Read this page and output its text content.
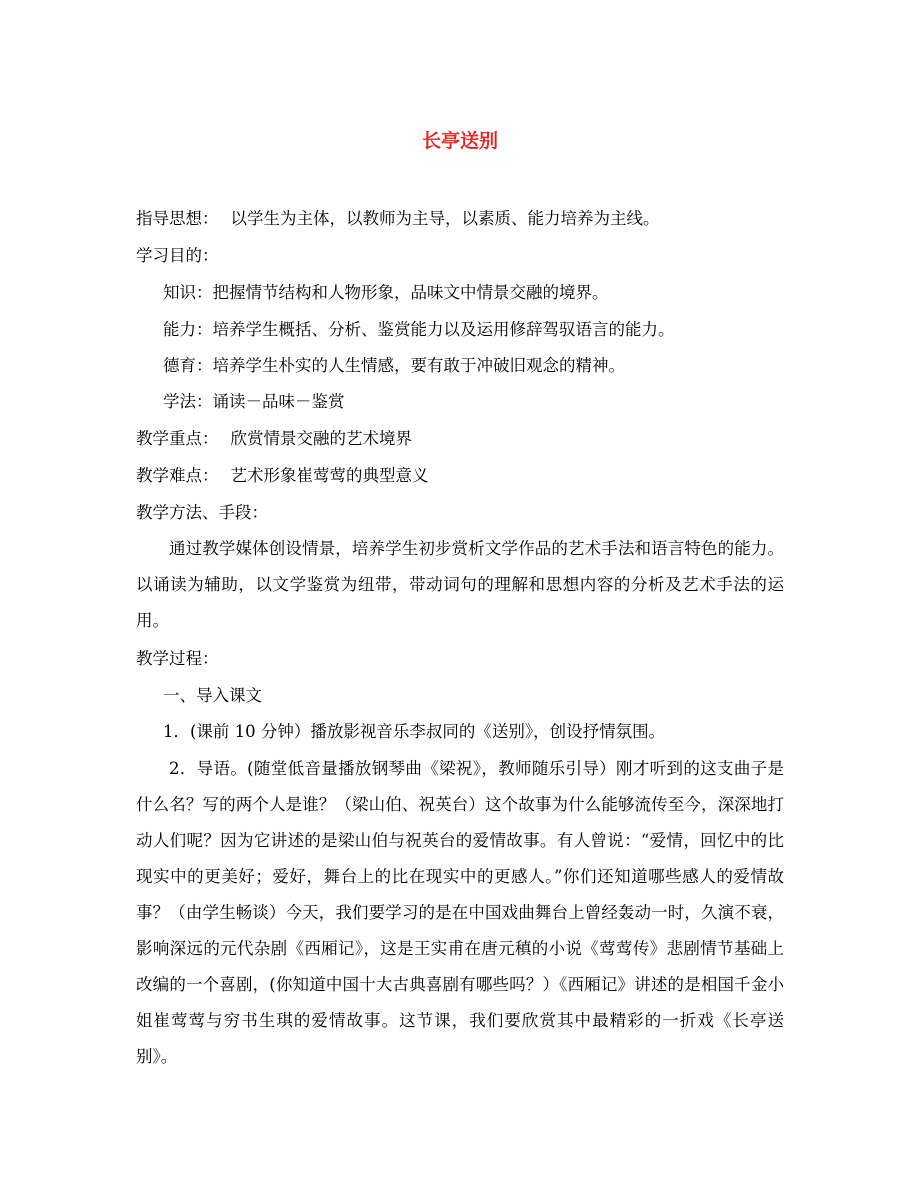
长亭送别
指导思想： 以学生为主体，以教师为主导，以素质、能力培养为主线。
学习目的：
知识：把握情节结构和人物形象，品味文中情景交融的境界。
能力：培养学生概括、分析、鉴赏能力以及运用修辞驾驭语言的能力。
德育：培养学生朴实的人生情感，要有敢于冲破旧观念的精神。
学法：诵读－品味－鉴赏
教学重点： 欣赏情景交融的艺术境界
教学难点： 艺术形象崔莺莺的典型意义
教学方法、手段：
通过教学媒体创设情景，培养学生初步赏析文学作品的艺术手法和语言特色的能力。以诵读为辅助，以文学鉴赏为纽带，带动词句的理解和思想内容的分析及艺术手法的运用。
教学过程：
一、导入课文
1．(课前 10 分钟）播放影视音乐李叔同的《送别》，创设抒情氛围。
2．导语。(随堂低音量播放钢琴曲《梁祝》，教师随乐引导）刚才听到的这支曲子是什么名？写的两个人是谁？（梁山伯、祝英台）这个故事为什么能够流传至今，深深地打动人们呢？因为它讲述的是梁山伯与祝英台的爱情故事。有人曾说：“爱情，回忆中的比现实中的更美好；爱好，舞台上的比在现实中的更感人。”你们还知道哪些感人的爱情故事？（由学生畅谈）今天，我们要学习的是在中国戏曲舞台上曾经轰动一时，久演不衰，影响深远的元代杂剧《西厢记》，这是王实甫在唐元稹的小说《莺莺传》悲剧情节基础上改编的一个喜剧，(你知道中国十大古典喜剧有哪些吗？）《西厢记》讲述的是相国千金小姐崔莺莺与穷书生琪的爱情故事。这节课，我们要欣赏其中最精彩的一折戏《长亭送别》。
